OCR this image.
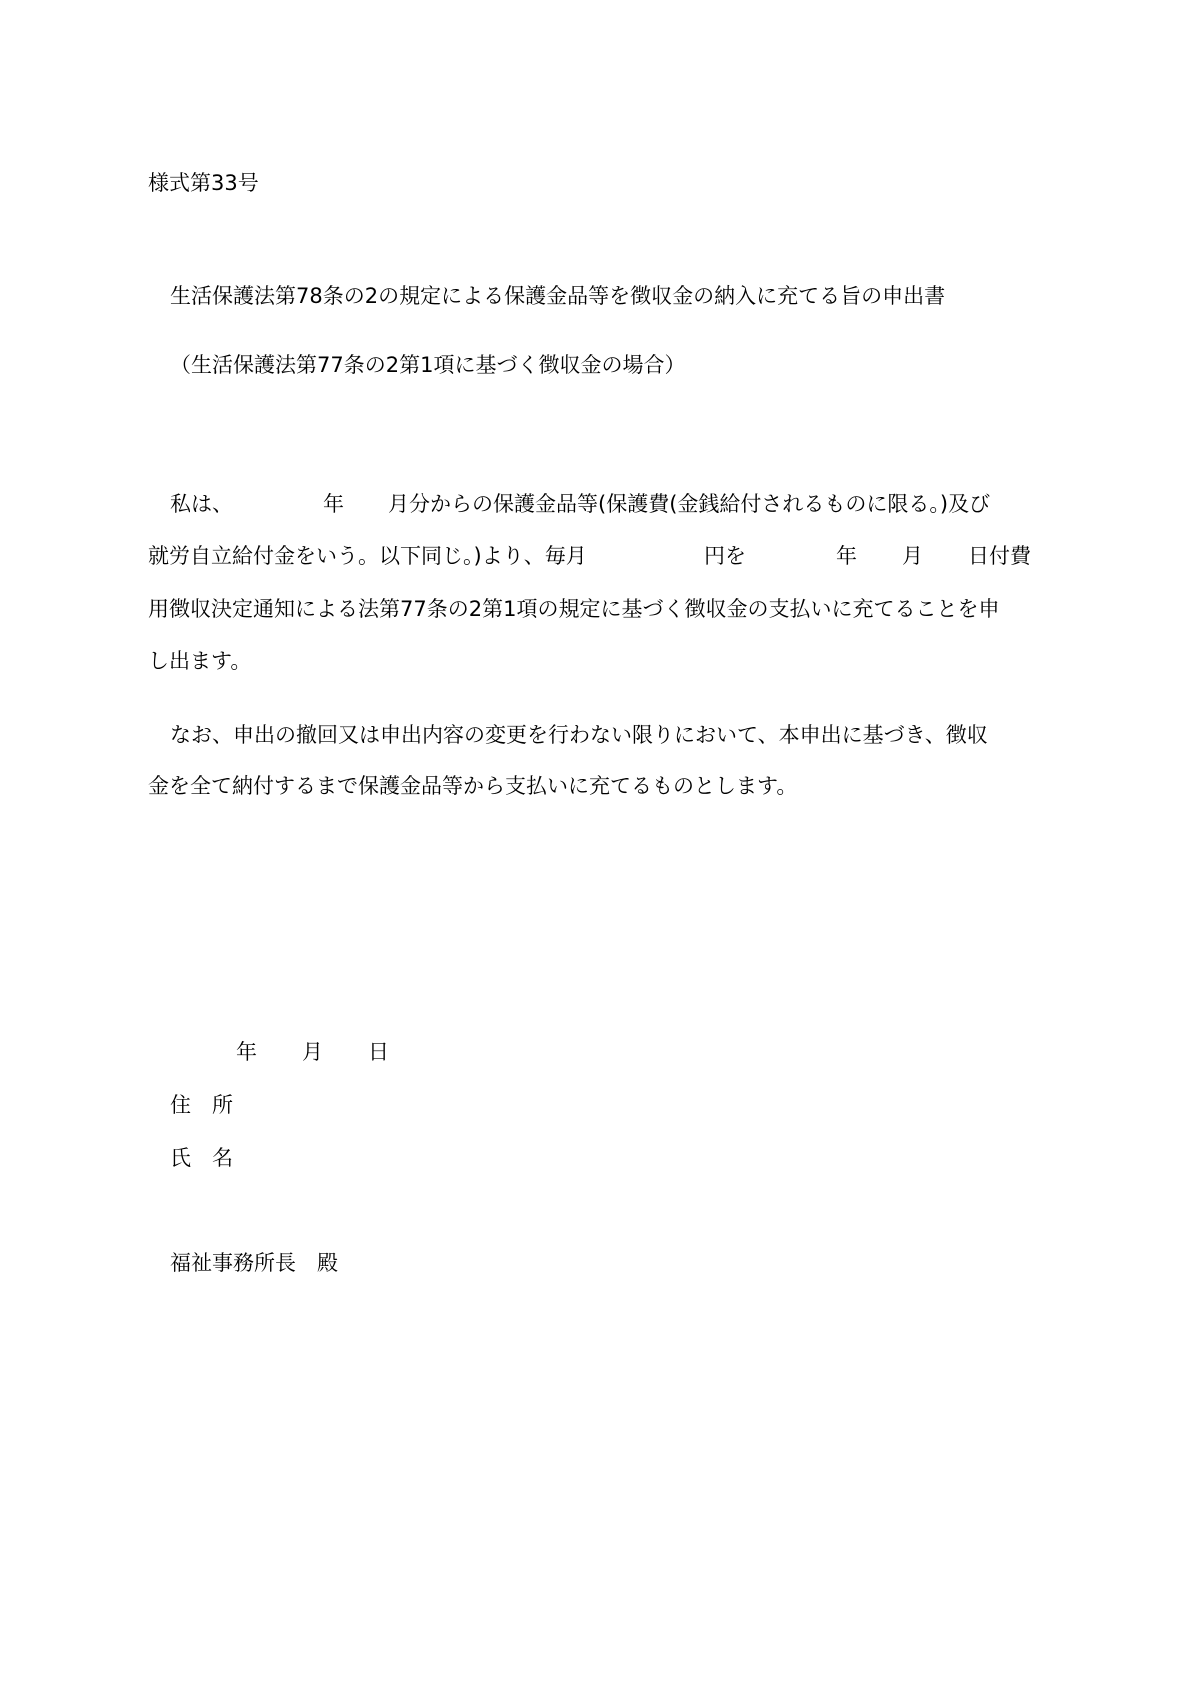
様式第33号
生活保護法第78条の2の規定による保護金品等を徴収金の納入に充てる旨の申出書
（生活保護法第77条の2第1項に基づく徴収金の場合）
私は、	年 月分からの保護金品等(保護費(金銭給付されるものに限る。)及び
就労自立給付金をいう。以下同じ。)より、毎月	円を	年 月 日付費
用徴収決定通知による法第77条の2第1項の規定に基づく徴収金の支払いに充てることを申
し出ます。
なお、申出の撤回又は申出内容の変更を行わない限りにおいて、本申出に基づき、徴収
金を全て納付するまで保護金品等から支払いに充てるものとします。
年 月 日
住　所
氏　名
福祉事務所長　殿
